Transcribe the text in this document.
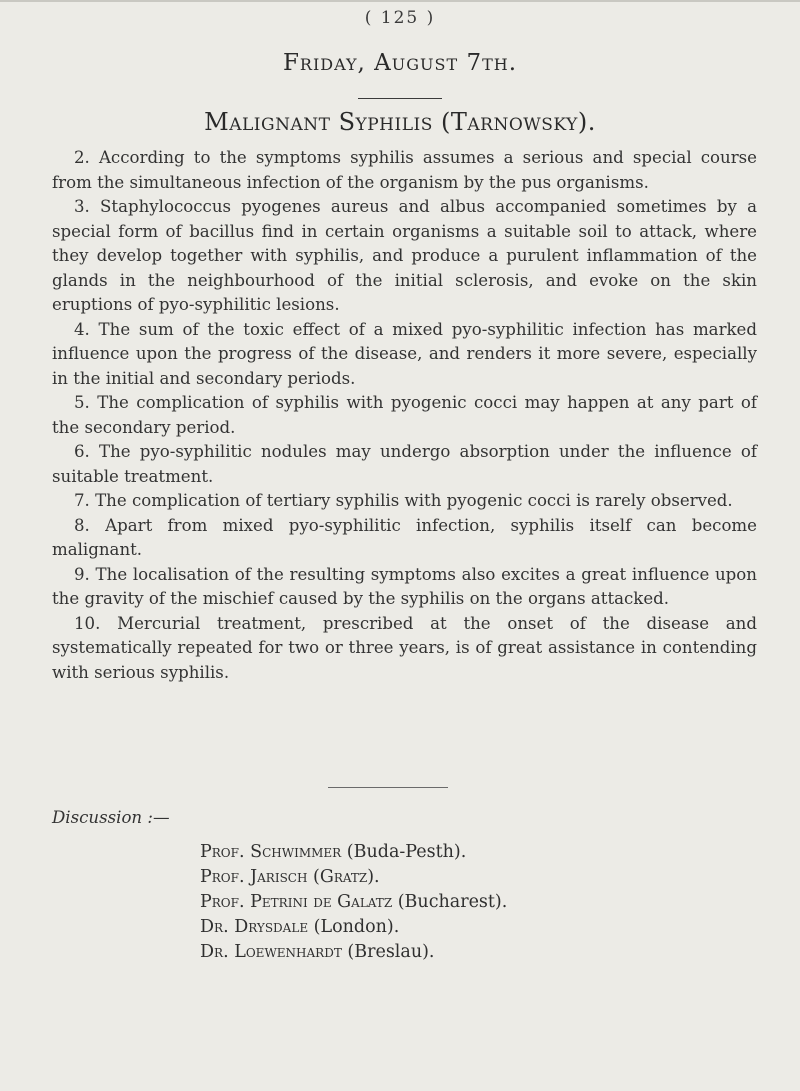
( 125 )
Friday, August 7th.
Malignant Syphilis (Tarnowsky).

2. According to the symptoms syphilis assumes a serious and special course from the simultaneous infection of the organism by the pus organisms.

3. Staphylococcus pyogenes aureus and albus accompanied sometimes by a special form of bacillus find in certain organisms a suitable soil to attack, where they develop together with syphilis, and produce a purulent inflammation of the glands in the neighbourhood of the initial sclerosis, and evoke on the skin eruptions of pyo-syphilitic lesions.

4. The sum of the toxic effect of a mixed pyo-syphilitic infection has marked influence upon the progress of the disease, and renders it more severe, especially in the initial and secondary periods.

5. The complication of syphilis with pyogenic cocci may happen at any part of the secondary period.

6. The pyo-syphilitic nodules may undergo absorption under the influence of suitable treatment.

7. The complication of tertiary syphilis with pyogenic cocci is rarely observed.

8. Apart from mixed pyo-syphilitic infection, syphilis itself can become malignant.

9. The localisation of the resulting symptoms also excites a great influence upon the gravity of the mischief caused by the syphilis on the organs attacked.

10. Mercurial treatment, prescribed at the onset of the disease and systematically repeated for two or three years, is of great assistance in contending with serious syphilis.

Discussion :—
Prof. Schwimmer (Buda-Pesth).
Prof. Jarisch (Gratz).
Prof. Petrini de Galatz (Bucharest).
Dr. Drysdale (London).
Dr. Loewenhardt (Breslau).
